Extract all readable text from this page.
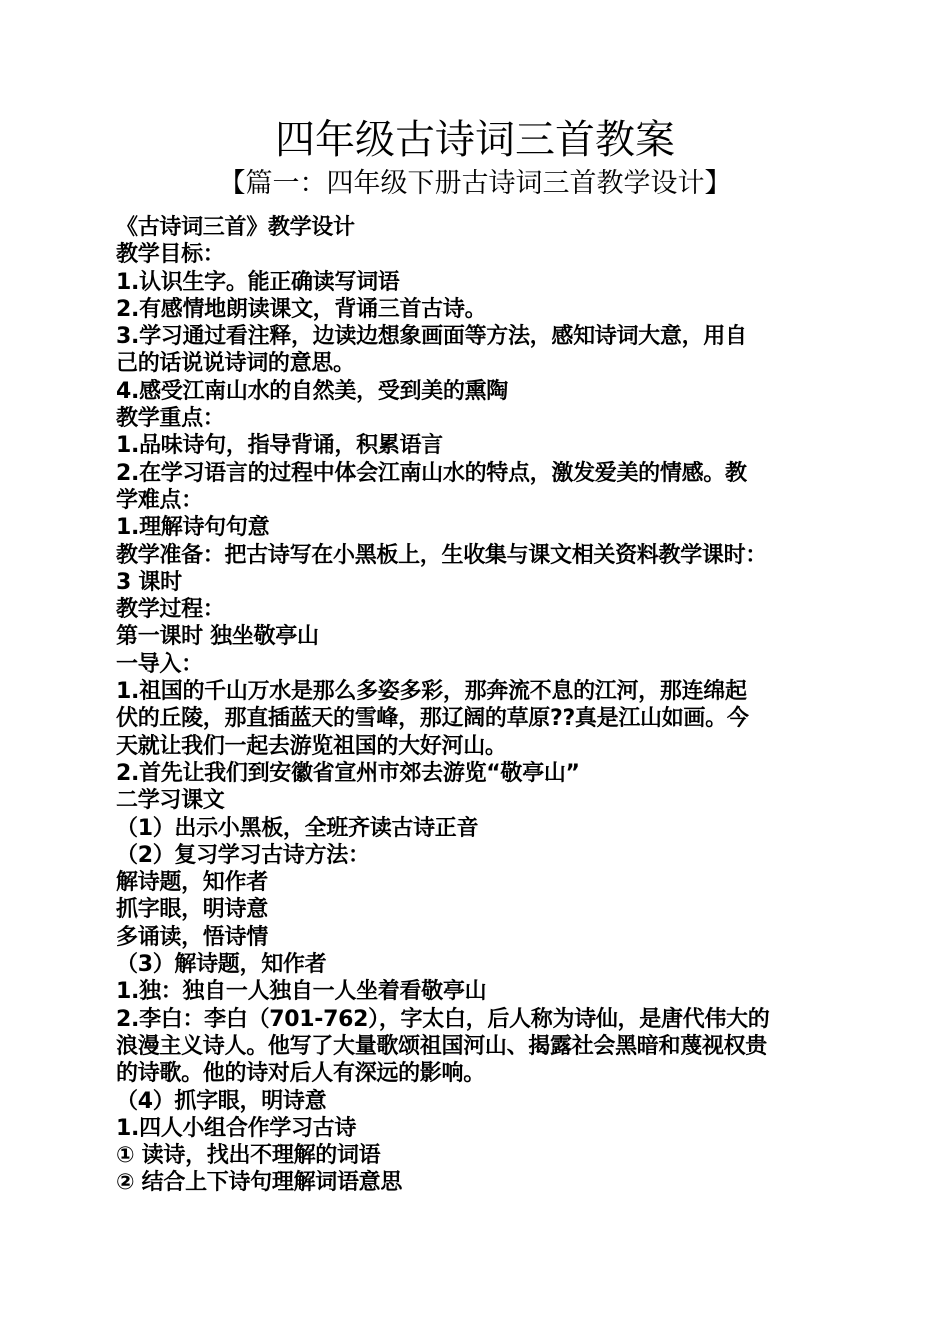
四年级古诗词三首教案
【篇一：四年级下册古诗词三首教学设计】
《古诗词三首》教学设计
教学目标：
1.认识生字。能正确读写词语
2.有感情地朗读课文，背诵三首古诗。
3.学习通过看注释，边读边想象画面等方法，感知诗词大意，用自
己的话说说诗词的意思。
4.感受江南山水的自然美，受到美的熏陶
教学重点：
1.品味诗句，指导背诵，积累语言
2.在学习语言的过程中体会江南山水的特点，激发爱美的情感。教
学难点：
1.理解诗句句意
教学准备：把古诗写在小黑板上，生收集与课文相关资料教学课时：
3 课时
教学过程：
第一课时 独坐敬亭山
一导入：
1.祖国的千山万水是那么多姿多彩，那奔流不息的江河，那连绵起
伏的丘陵，那直插蓝天的雪峰，那辽阔的草原??真是江山如画。今
天就让我们一起去游览祖国的大好河山。
2.首先让我们到安徽省宣州市郊去游览“敬亭山”
二学习课文
（1）出示小黑板，全班齐读古诗正音
（2）复习学习古诗方法：
解诗题，知作者
抓字眼，明诗意
多诵读，悟诗情
（3）解诗题，知作者
1.独：独自一人独自一人坐着看敬亭山
2.李白：李白（701-762），字太白，后人称为诗仙，是唐代伟大的
浪漫主义诗人。他写了大量歌颂祖国河山、揭露社会黑暗和蔑视权贵
的诗歌。他的诗对后人有深远的影响。
（4）抓字眼，明诗意
1.四人小组合作学习古诗
① 读诗，找出不理解的词语
② 结合上下诗句理解词语意思
